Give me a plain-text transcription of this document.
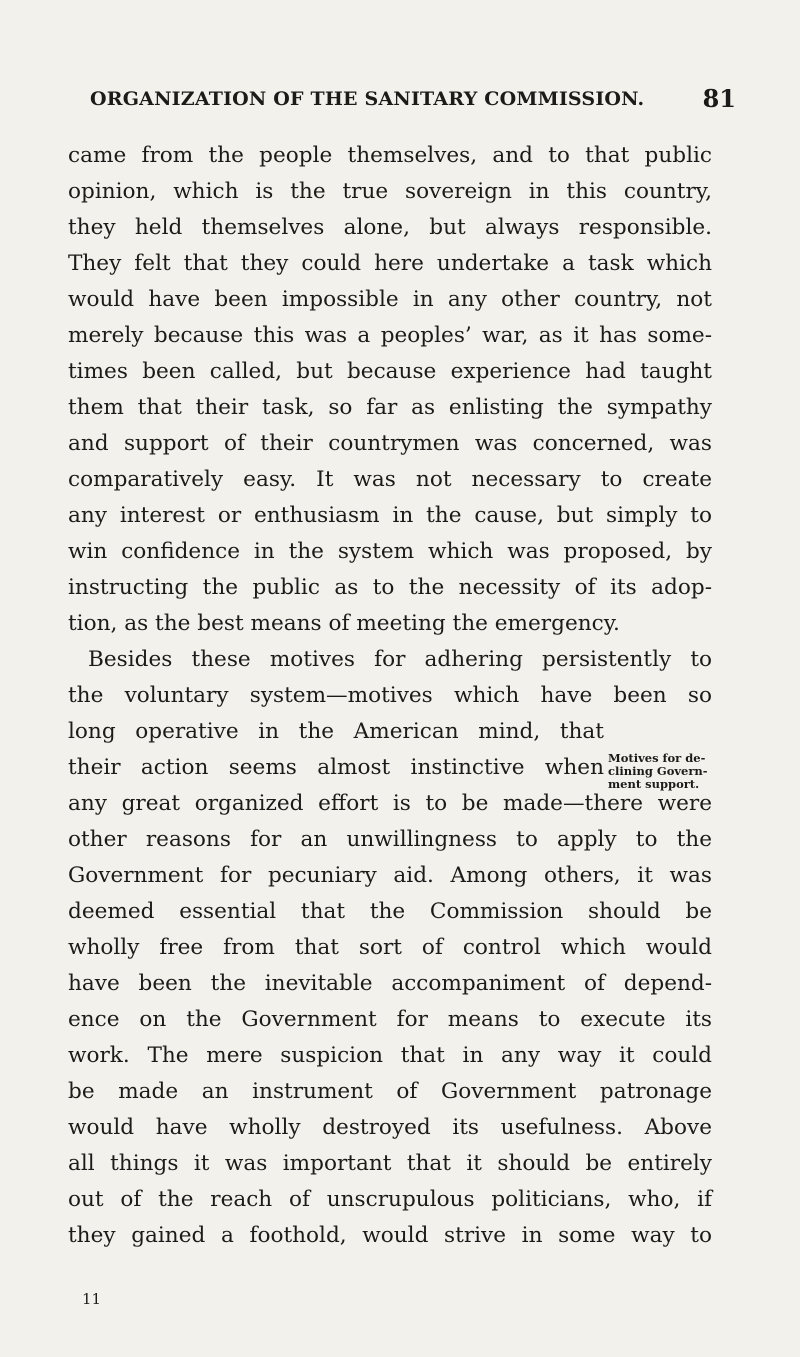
ORGANIZATION OF THE SANITARY COMMISSION. 81
came from the people themselves, and to that public
opinion, which is the true sovereign in this country,
they held themselves alone, but always responsible.
They felt that they could here undertake a task which
would have been impossible in any other country, not
merely because this was a peoples’ war, as it has some-
times been called, but because experience had taught
them that their task, so far as enlisting the sympathy
and support of their countrymen was concerned, was
comparatively easy. It was not necessary to create
any interest or enthusiasm in the cause, but simply to
win confidence in the system which was proposed, by
instructing the public as to the necessity of its adop-
tion, as the best means of meeting the emergency.
Besides these motives for adhering persistently to
the voluntary system—motives which have been so
long operative in the American mind, that
their action seems almost instinctive when
any great organized effort is to be made—there were
other reasons for an unwillingness to apply to the
Government for pecuniary aid. Among others, it was
deemed essential that the Commission should be
wholly free from that sort of control which would
have been the inevitable accompaniment of depend-
ence on the Government for means to execute its
work. The mere suspicion that in any way it could
be made an instrument of Government patronage
would have wholly destroyed its usefulness. Above
all things it was important that it should be entirely
out of the reach of unscrupulous politicians, who, if
they gained a foothold, would strive in some way to
Motives for de-
clining Govern-
ment support.
11
